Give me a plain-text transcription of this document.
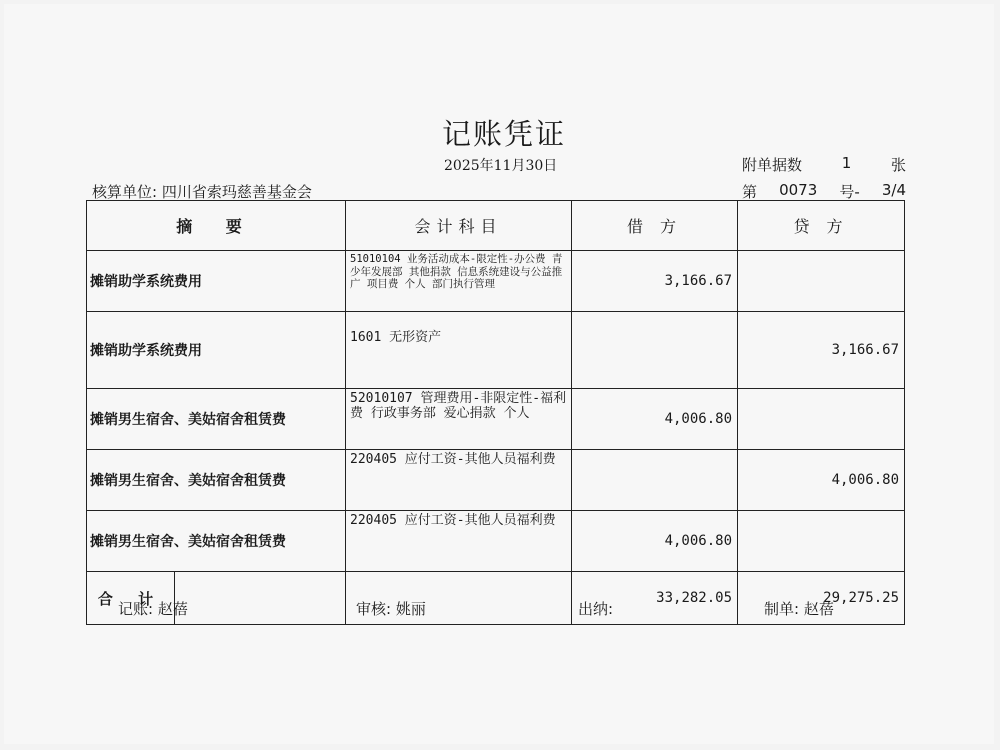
记账凭证
2025年11月30日	附单据数	1	张
核算单位: 四川省索玛慈善基金会	第 0073 号- 3/4
摘 要		会计科目	借 方	贷 方
摊销助学系统费用		51010104 业务活动成本-限定性-办公费 青少年发展部 其他捐款 信息系统建设与公益推广 项目费 个人 部门执行管理	3,166.67	
摊销助学系统费用		1601 无形资产		3,166.67
摊销男生宿舍、美姑宿舍租赁费		52010107 管理费用-非限定性-福利费 行政事务部 爱心捐款 个人	4,006.80	
摊销男生宿舍、美姑宿舍租赁费		220405 应付工资-其他人员福利费		4,006.80
摊销男生宿舍、美姑宿舍租赁费		220405 应付工资-其他人员福利费	4,006.80	
合 计			33,282.05	29,275.25
记账: 赵蓓	审核: 姚丽	出纳:	制单: 赵蓓
